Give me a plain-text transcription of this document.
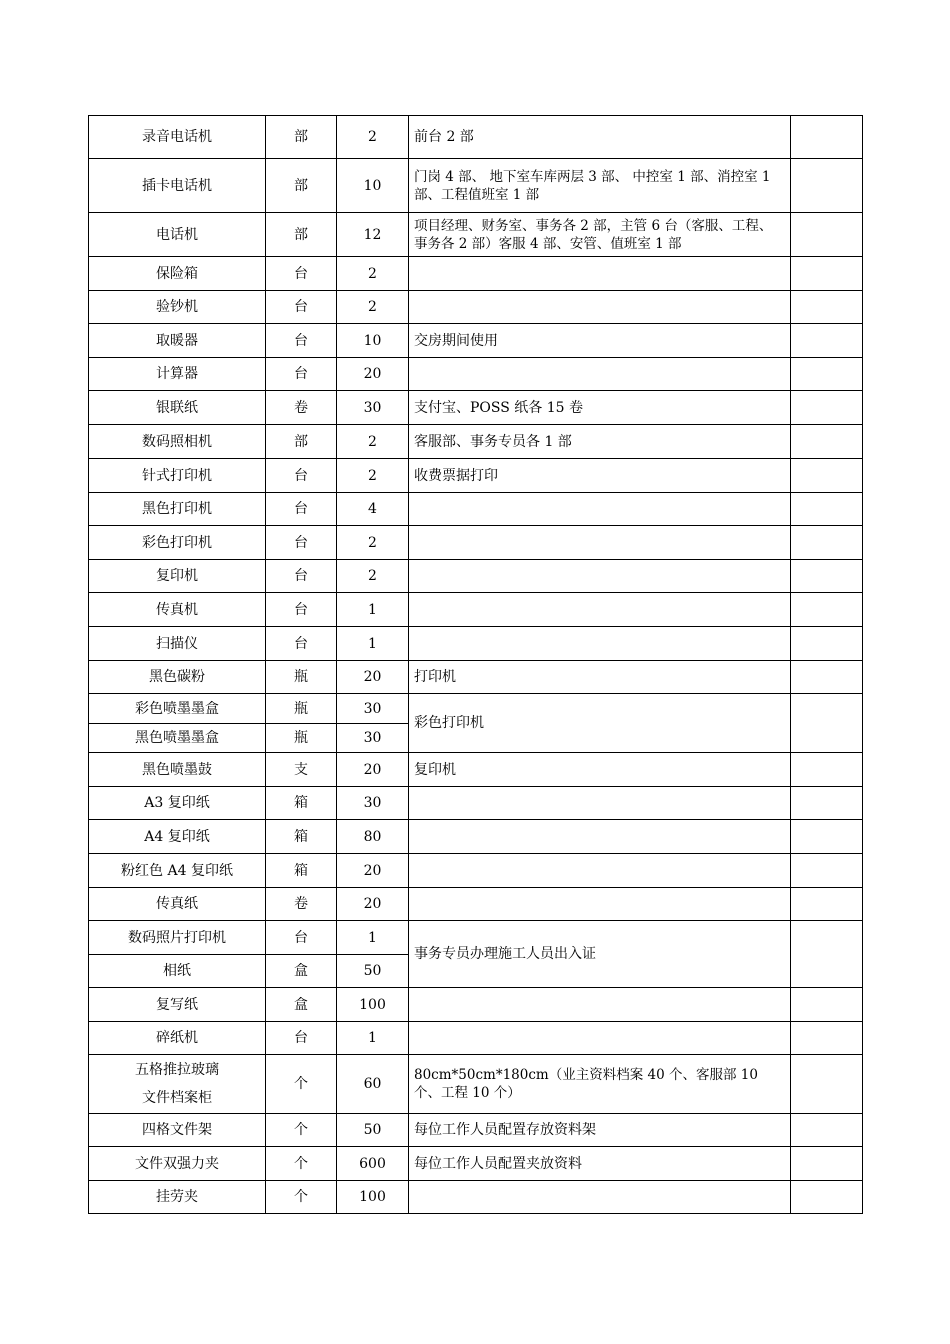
录音电话机	部	2	前台 2 部	
插卡电话机	部	10	门岗 4 部、 地下室车库两层 3 部、 中控室 1 部、消控室 1 部、工程值班室 1 部	
电话机	部	12	项目经理、财务室、事务各 2 部，主管 6 台（客服、工程、事务各 2 部）客服 4 部、安管、值班室 1 部	
保险箱	台	2		
验钞机	台	2		
取暖器	台	10	交房期间使用	
计算器	台	20		
银联纸	卷	30	支付宝、POSS 纸各 15 卷	
数码照相机	部	2	客服部、事务专员各 1 部	
针式打印机	台	2	收费票据打印	
黑色打印机	台	4		
彩色打印机	台	2		
复印机	台	2		
传真机	台	1		
扫描仪	台	1		
黑色碳粉	瓶	20	打印机	
彩色喷墨墨盒	瓶	30	彩色打印机	
黑色喷墨墨盒	瓶	30		
黑色喷墨鼓	支	20	复印机	
A3 复印纸	箱	30		
A4 复印纸	箱	80		
粉红色 A4 复印纸	箱	20		
传真纸	卷	20		
数码照片打印机	台	1	事务专员办理施工人员出入证	
相纸	盒	50		
复写纸	盒	100		
碎纸机	台	1		
五格推拉玻璃
文件档案柜	个	60	80cm*50cm*180cm（业主资料档案 40 个、客服部 10 个、工程 10 个）	
四格文件架	个	50	每位工作人员配置存放资料架	
文件双强力夹	个	600	每位工作人员配置夹放资料	
挂劳夹	个	100		
